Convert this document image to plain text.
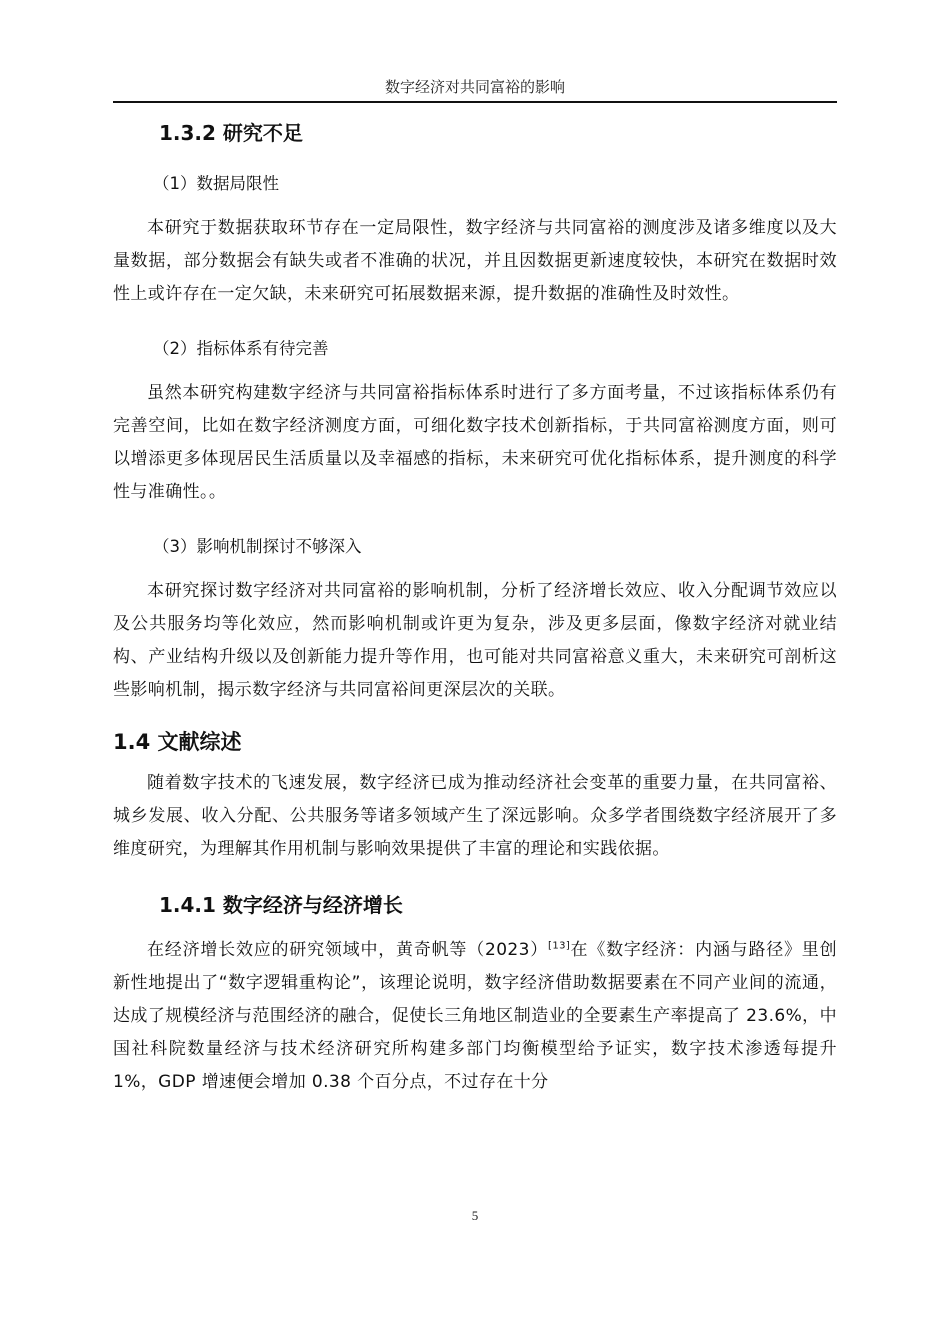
数字经济对共同富裕的影响
1.3.2 研究不足

（1）数据局限性

本研究于数据获取环节存在一定局限性，数字经济与共同富裕的测度涉及诸多维度以及大量数据，部分数据会有缺失或者不准确的状况，并且因数据更新速度较快，本研究在数据时效性上或许存在一定欠缺，未来研究可拓展数据来源，提升数据的准确性及时效性。

（2）指标体系有待完善

虽然本研究构建数字经济与共同富裕指标体系时进行了多方面考量，不过该指标体系仍有完善空间，比如在数字经济测度方面，可细化数字技术创新指标，于共同富裕测度方面，则可以增添更多体现居民生活质量以及幸福感的指标，未来研究可优化指标体系，提升测度的科学性与准确性。。

（3）影响机制探讨不够深入

本研究探讨数字经济对共同富裕的影响机制，分析了经济增长效应、收入分配调节效应以及公共服务均等化效应，然而影响机制或许更为复杂，涉及更多层面，像数字经济对就业结构、产业结构升级以及创新能力提升等作用，也可能对共同富裕意义重大，未来研究可剖析这些影响机制，揭示数字经济与共同富裕间更深层次的关联。

1.4 文献综述

随着数字技术的飞速发展，数字经济已成为推动经济社会变革的重要力量，在共同富裕、城乡发展、收入分配、公共服务等诸多领域产生了深远影响。众多学者围绕数字经济展开了多维度研究，为理解其作用机制与影响效果提供了丰富的理论和实践依据。

1.4.1 数字经济与经济增长

在经济增长效应的研究领域中，黄奇帆等（2023）[13]在《数字经济：内涵与路径》里创新性地提出了“数字逻辑重构论”，该理论说明，数字经济借助数据要素在不同产业间的流通，达成了规模经济与范围经济的融合，促使长三角地区制造业的全要素生产率提高了 23.6%，中国社科院数量经济与技术经济研究所构建多部门均衡模型给予证实，数字技术渗透每提升 1%，GDP 增速便会增加 0.38 个百分点，不过存在十分

5
